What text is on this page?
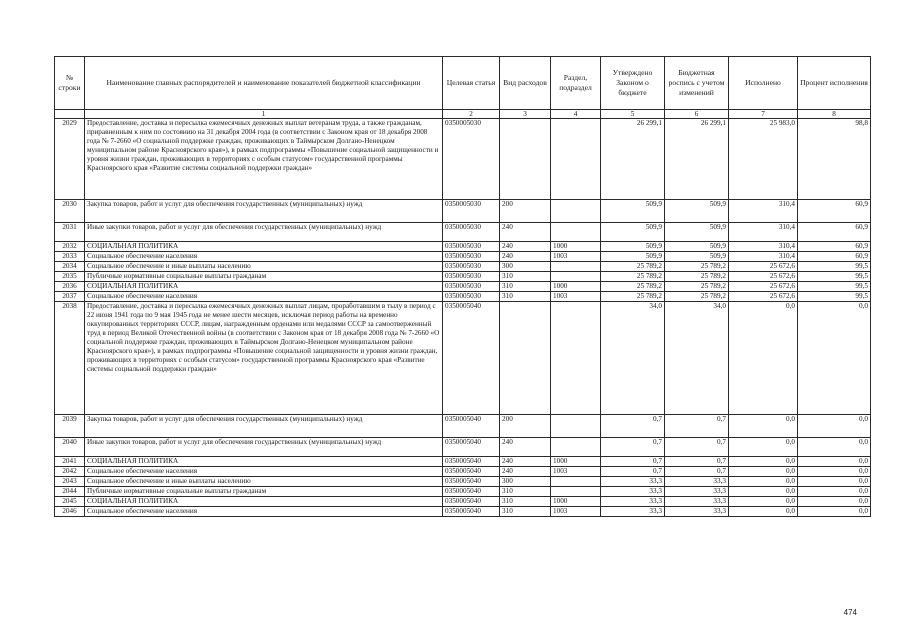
№ строки	Наименование главных распорядителей и наименование показателей бюджетной классификации	Целевая статья	Вид расходов	Раздел, подраздел	Утверждено Законом о бюджете	Бюджетная роспись с учетом изменений	Исполнено	Процент исполнения
	1	2	3	4	5	6	7	8
2029	Предоставление, доставка и пересылка ежемесячных денежных выплат ветеранам труда, а также гражданам, приравненным к ним по состоянию на 31 декабря 2004 года (в соответствии с Законом края от 18 декабря 2008 года № 7-2660 «О социальной поддержке граждан, проживающих в Таймырском Долгано-Ненецком муниципальном районе Красноярского края»), в рамках подпрограммы «Повышение социальной защищенности и уровня жизни граждан, проживающих в территориях с особым статусом» государственной программы Красноярского края «Развитие системы социальной поддержки граждан»	0350005030			26 299,1	26 299,1	25 983,0	98,8
2030	Закупка товаров, работ и услуг для обеспечения государственных (муниципальных) нужд	0350005030	200		509,9	509,9	310,4	60,9
2031	Иные закупки товаров, работ и услуг для обеспечения государственных (муниципальных) нужд	0350005030	240		509,9	509,9	310,4	60,9
2032	СОЦИАЛЬНАЯ ПОЛИТИКА	0350005030	240	1000	509,9	509,9	310,4	60,9
2033	Социальное обеспечение населения	0350005030	240	1003	509,9	509,9	310,4	60,9
2034	Социальное обеспечение и иные выплаты населению	0350005030	300		25 789,2	25 789,2	25 672,6	99,5
2035	Публичные нормативные социальные выплаты гражданам	0350005030	310		25 789,2	25 789,2	25 672,6	99,5
2036	СОЦИАЛЬНАЯ ПОЛИТИКА	0350005030	310	1000	25 789,2	25 789,2	25 672,6	99,5
2037	Социальное обеспечение населения	0350005030	310	1003	25 789,2	25 789,2	25 672,6	99,5
2038	Предоставление, доставка и пересылка ежемесячных денежных выплат лицам, проработавшим в тылу в период с 22 июня 1941 года по 9 мая 1945 года не менее шести месяцев, исключая период работы на временно оккупированных территориях СССР, лицам, награжденным орденами или медалями СССР за самоотверженный труд в период Великой Отечественной войны (в соответствии с Законом края от 18 декабря 2008 года № 7-2660 «О социальной поддержке граждан, проживающих в Таймырском Долгано-Ненецком муниципальном районе Красноярского края»), в рамках подпрограммы «Повышение социальной защищенности и уровня жизни граждан, проживающих в территориях с особым статусом» государственной программы Красноярского края «Развитие системы социальной поддержки граждан»	0350005040			34,0	34,0	0,0	0,0
2039	Закупка товаров, работ и услуг для обеспечения государственных (муниципальных) нужд	0350005040	200		0,7	0,7	0,0	0,0
2040	Иные закупки товаров, работ и услуг для обеспечения государственных (муниципальных) нужд	0350005040	240		0,7	0,7	0,0	0,0
2041	СОЦИАЛЬНАЯ ПОЛИТИКА	0350005040	240	1000	0,7	0,7	0,0	0,0
2042	Социальное обеспечение населения	0350005040	240	1003	0,7	0,7	0,0	0,0
2043	Социальное обеспечение и иные выплаты населению	0350005040	300		33,3	33,3	0,0	0,0
2044	Публичные нормативные социальные выплаты гражданам	0350005040	310		33,3	33,3	0,0	0,0
2045	СОЦИАЛЬНАЯ ПОЛИТИКА	0350005040	310	1000	33,3	33,3	0,0	0,0
2046	Социальное обеспечение населения	0350005040	310	1003	33,3	33,3	0,0	0,0
474
